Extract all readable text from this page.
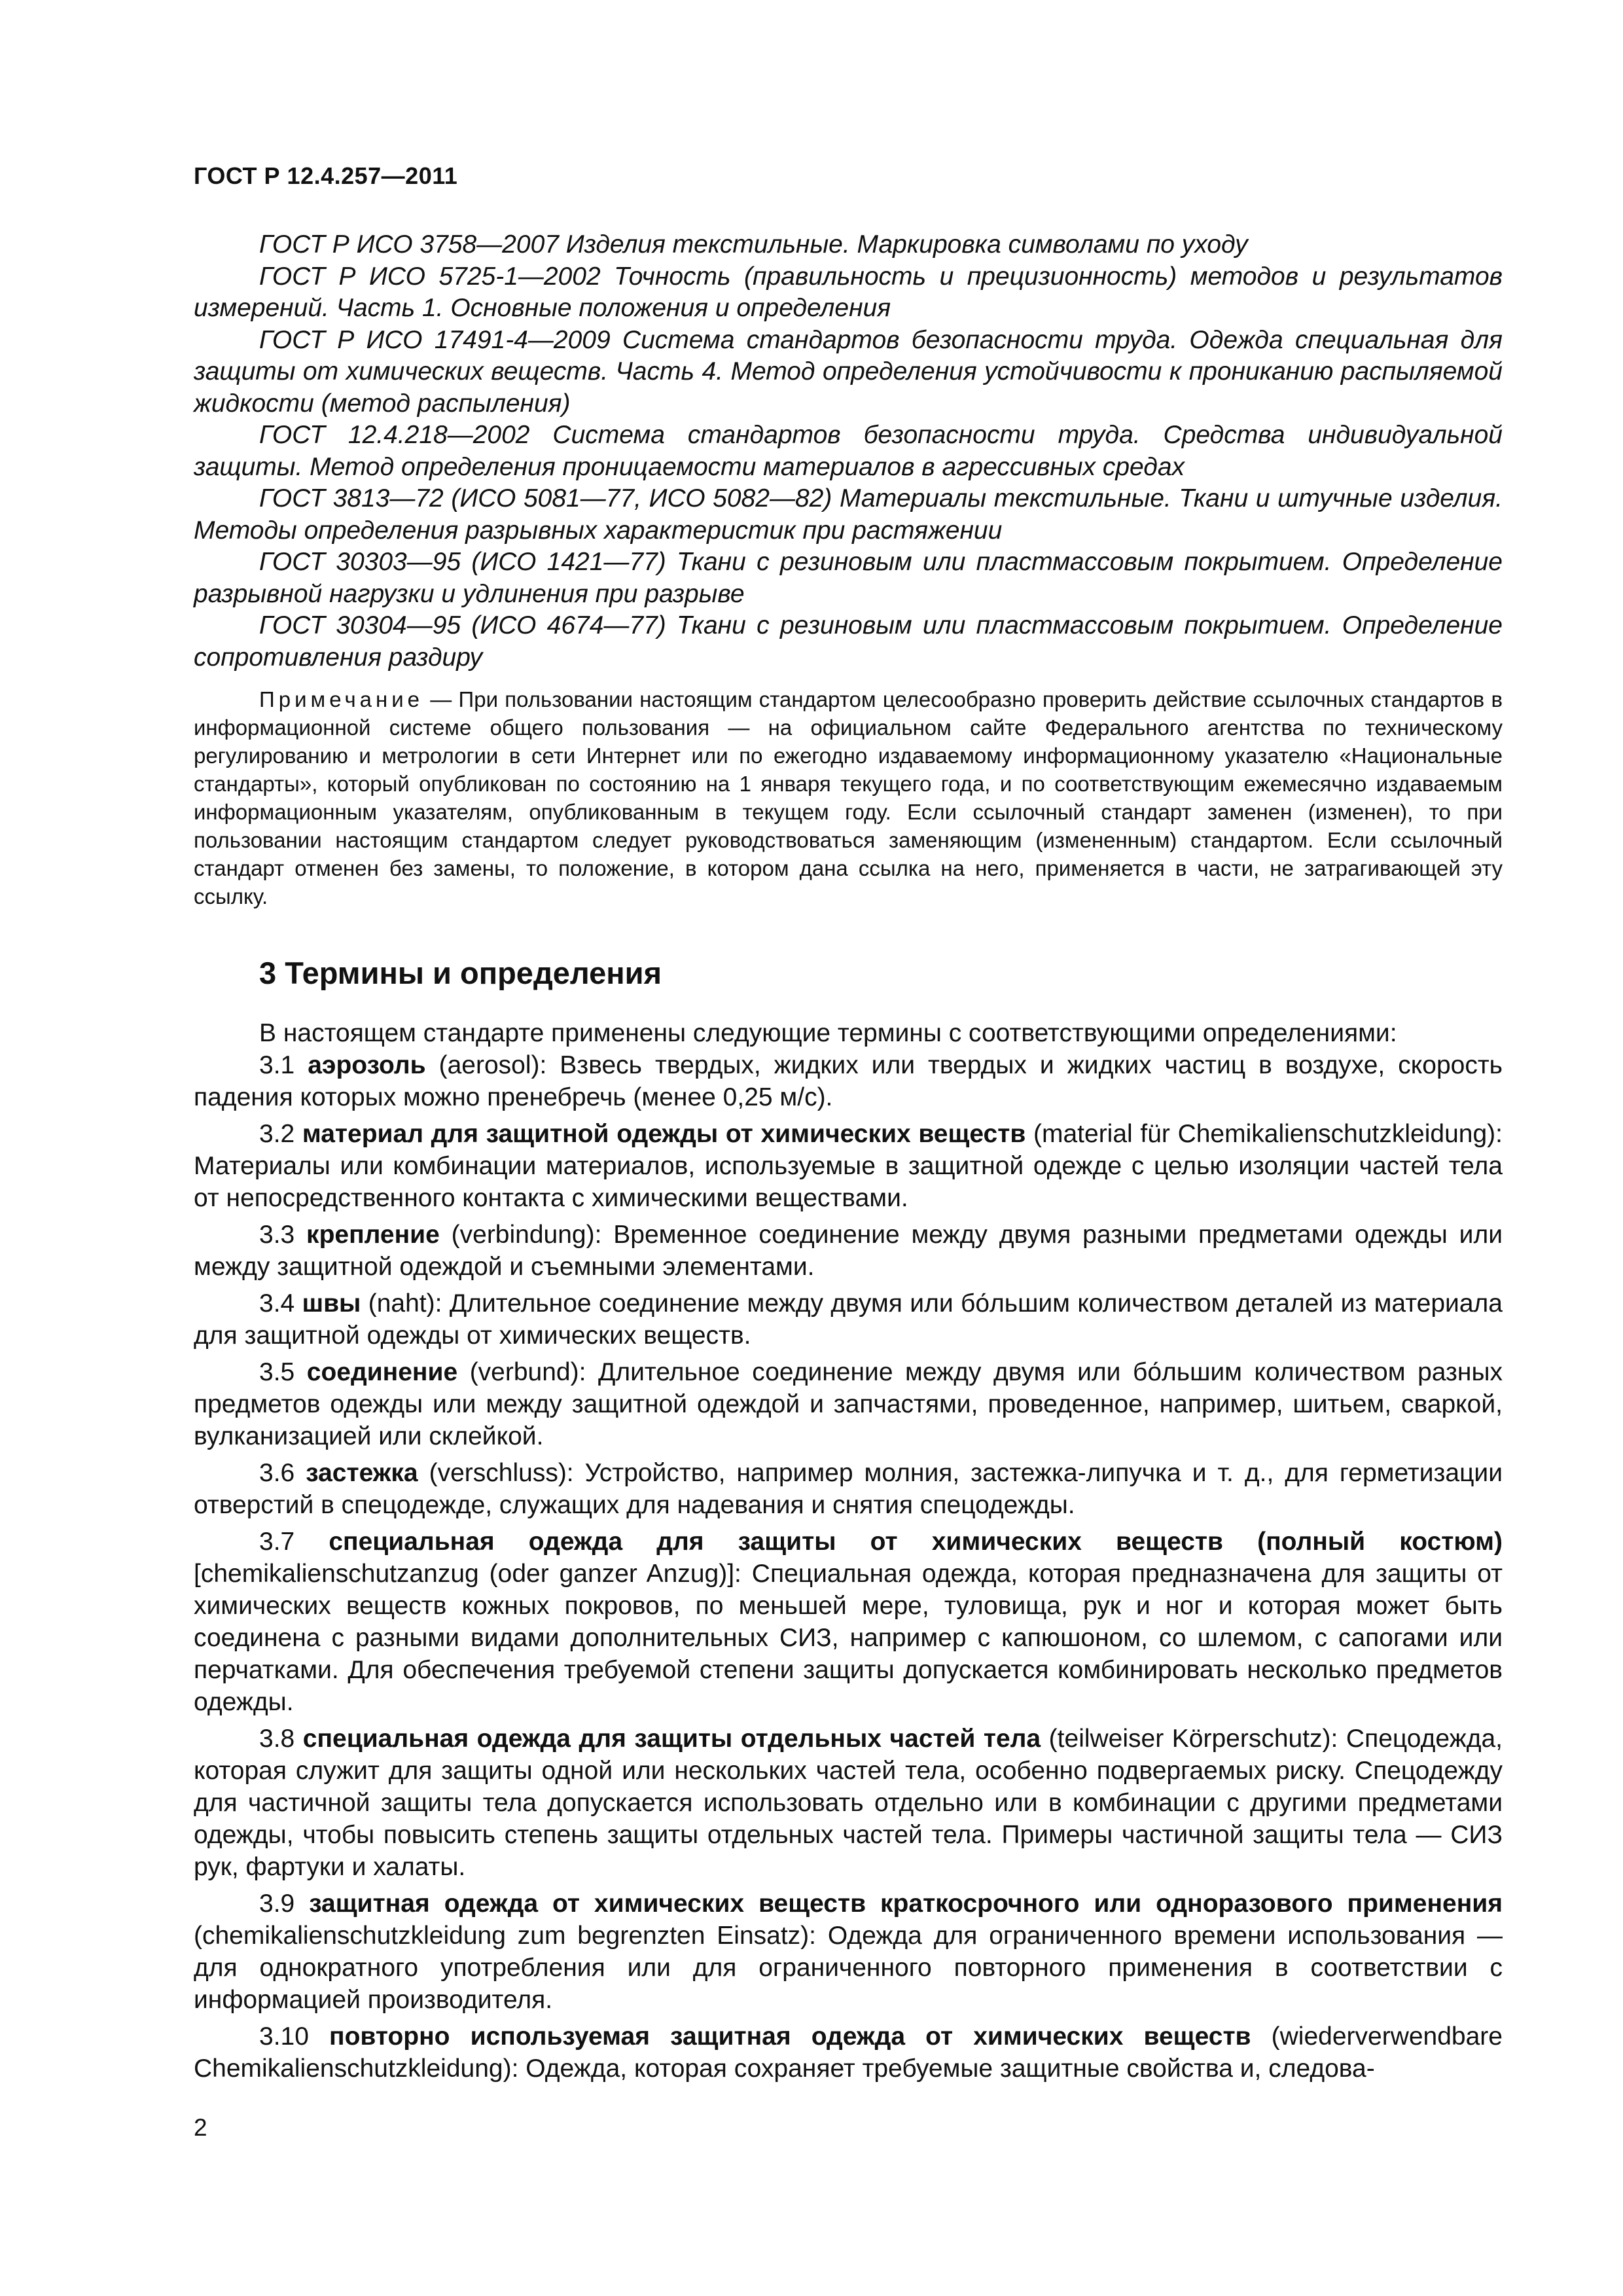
ГОСТ Р 12.4.257—2011

ГОСТ Р ИСО 3758—2007 Изделия текстильные. Маркировка символами по уходу

ГОСТ Р ИСО 5725-1—2002 Точность (правильность и прецизионность) методов и результатов измерений. Часть 1. Основные положения и определения

ГОСТ Р ИСО 17491-4—2009 Система стандартов безопасности труда. Одежда специальная для защиты от химических веществ. Часть 4. Метод определения устойчивости к прониканию распыляемой жидкости (метод распыления)

ГОСТ 12.4.218—2002 Система стандартов безопасности труда. Средства индивидуальной защиты. Метод определения проницаемости материалов в агрессивных средах

ГОСТ 3813—72 (ИСО 5081—77, ИСО 5082—82) Материалы текстильные. Ткани и штучные изделия. Методы определения разрывных характеристик при растяжении

ГОСТ 30303—95 (ИСО 1421—77) Ткани с резиновым или пластмассовым покрытием. Определение разрывной нагрузки и удлинения при разрыве

ГОСТ 30304—95 (ИСО 4674—77) Ткани с резиновым или пластмассовым покрытием. Определение сопротивления раздиру

Примечание — При пользовании настоящим стандартом целесообразно проверить действие ссылочных стандартов в информационной системе общего пользования — на официальном сайте Федерального агентства по техническому регулированию и метрологии в сети Интернет или по ежегодно издаваемому информационному указателю «Национальные стандарты», который опубликован по состоянию на 1 января текущего года, и по соответствующим ежемесячно издаваемым информационным указателям, опубликованным в текущем году. Если ссылочный стандарт заменен (изменен), то при пользовании настоящим стандартом следует руководствоваться заменяющим (измененным) стандартом. Если ссылочный стандарт отменен без замены, то положение, в котором дана ссылка на него, применяется в части, не затрагивающей эту ссылку.

3 Термины и определения

В настоящем стандарте применены следующие термины с соответствующими определениями:

3.1 аэрозоль (aerosol): Взвесь твердых, жидких или твердых и жидких частиц в воздухе, скорость падения которых можно пренебречь (менее 0,25 м/с).

3.2 материал для защитной одежды от химических веществ (material für Chemikalienschutzkleidung): Материалы или комбинации материалов, используемые в защитной одежде с целью изоляции частей тела от непосредственного контакта с химическими веществами.

3.3 крепление (verbindung): Временное соединение между двумя разными предметами одежды или между защитной одеждой и съемными элементами.

3.4 швы (naht): Длительное соединение между двумя или бо́льшим количеством деталей из материала для защитной одежды от химических веществ.

3.5 соединение (verbund): Длительное соединение между двумя или бо́льшим количеством разных предметов одежды или между защитной одеждой и запчастями, проведенное, например, шитьем, сваркой, вулканизацией или склейкой.

3.6 застежка (verschluss): Устройство, например молния, застежка-липучка и т. д., для герметизации отверстий в спецодежде, служащих для надевания и снятия спецодежды.

3.7 специальная одежда для защиты от химических веществ (полный костюм) [chemikalienschutzanzug (oder ganzer Anzug)]: Специальная одежда, которая предназначена для защиты от химических веществ кожных покровов, по меньшей мере, туловища, рук и ног и которая может быть соединена с разными видами дополнительных СИЗ, например с капюшоном, со шлемом, с сапогами или перчатками. Для обеспечения требуемой степени защиты допускается комбинировать несколько предметов одежды.

3.8 специальная одежда для защиты отдельных частей тела (teilweiser Körperschutz): Спецодежда, которая служит для защиты одной или нескольких частей тела, особенно подвергаемых риску. Спецодежду для частичной защиты тела допускается использовать отдельно или в комбинации с другими предметами одежды, чтобы повысить степень защиты отдельных частей тела. Примеры частичной защиты тела — СИЗ рук, фартуки и халаты.

3.9 защитная одежда от химических веществ краткосрочного или одноразового применения (chemikalienschutzkleidung zum begrenzten Einsatz): Одежда для ограниченного времени использования — для однократного употребления или для ограниченного повторного применения в соответствии с информацией производителя.

3.10 повторно используемая защитная одежда от химических веществ (wiederverwendbare Chemikalienschutzkleidung): Одежда, которая сохраняет требуемые защитные свойства и, следова-

2
